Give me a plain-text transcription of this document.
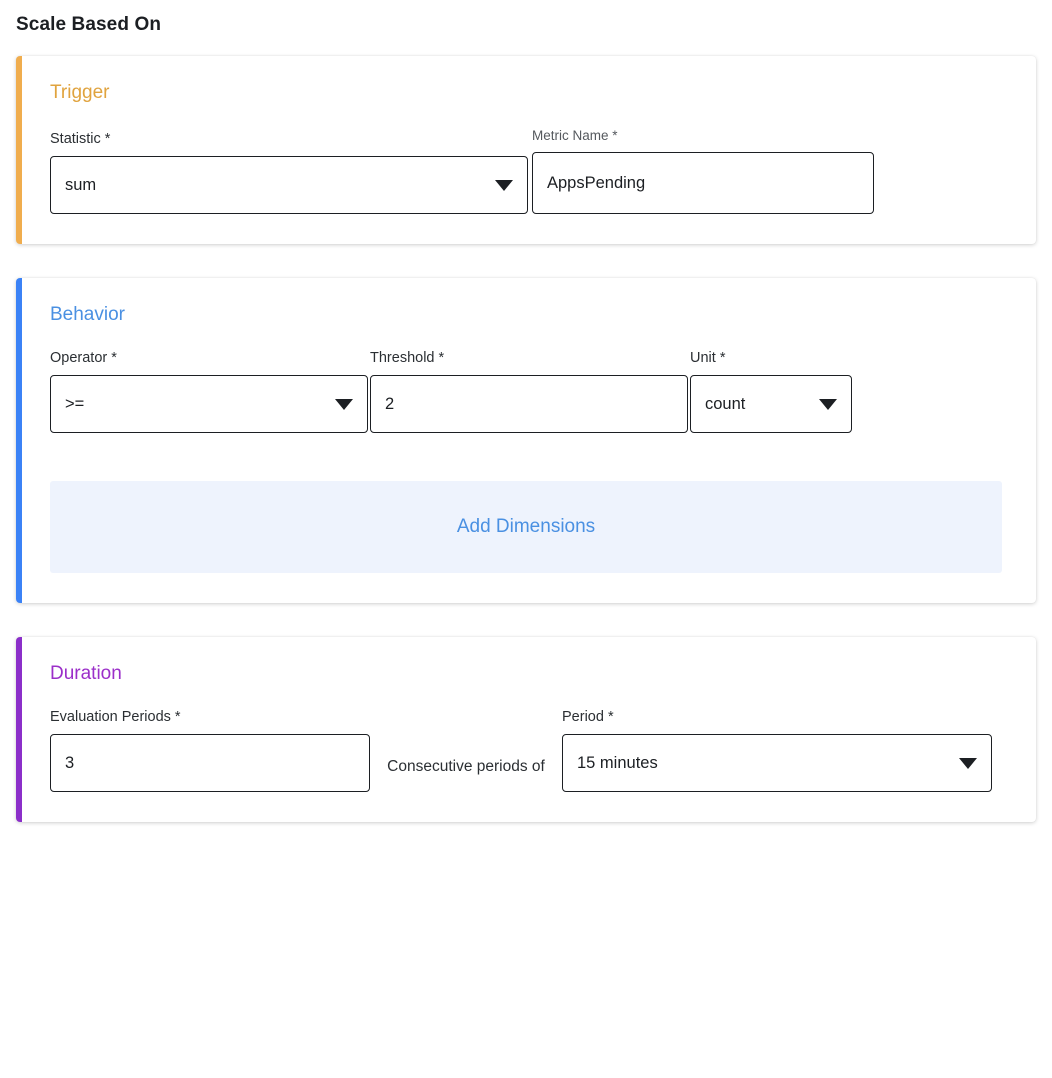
Scale Based On
Trigger
Statistic *
sum
Metric Name *
AppsPending
Behavior
Operator *
>=
Threshold *
2
Unit *
count
Add Dimensions
Duration
Evaluation Periods *
3	Consecutive periods of
Period *
15 minutes
